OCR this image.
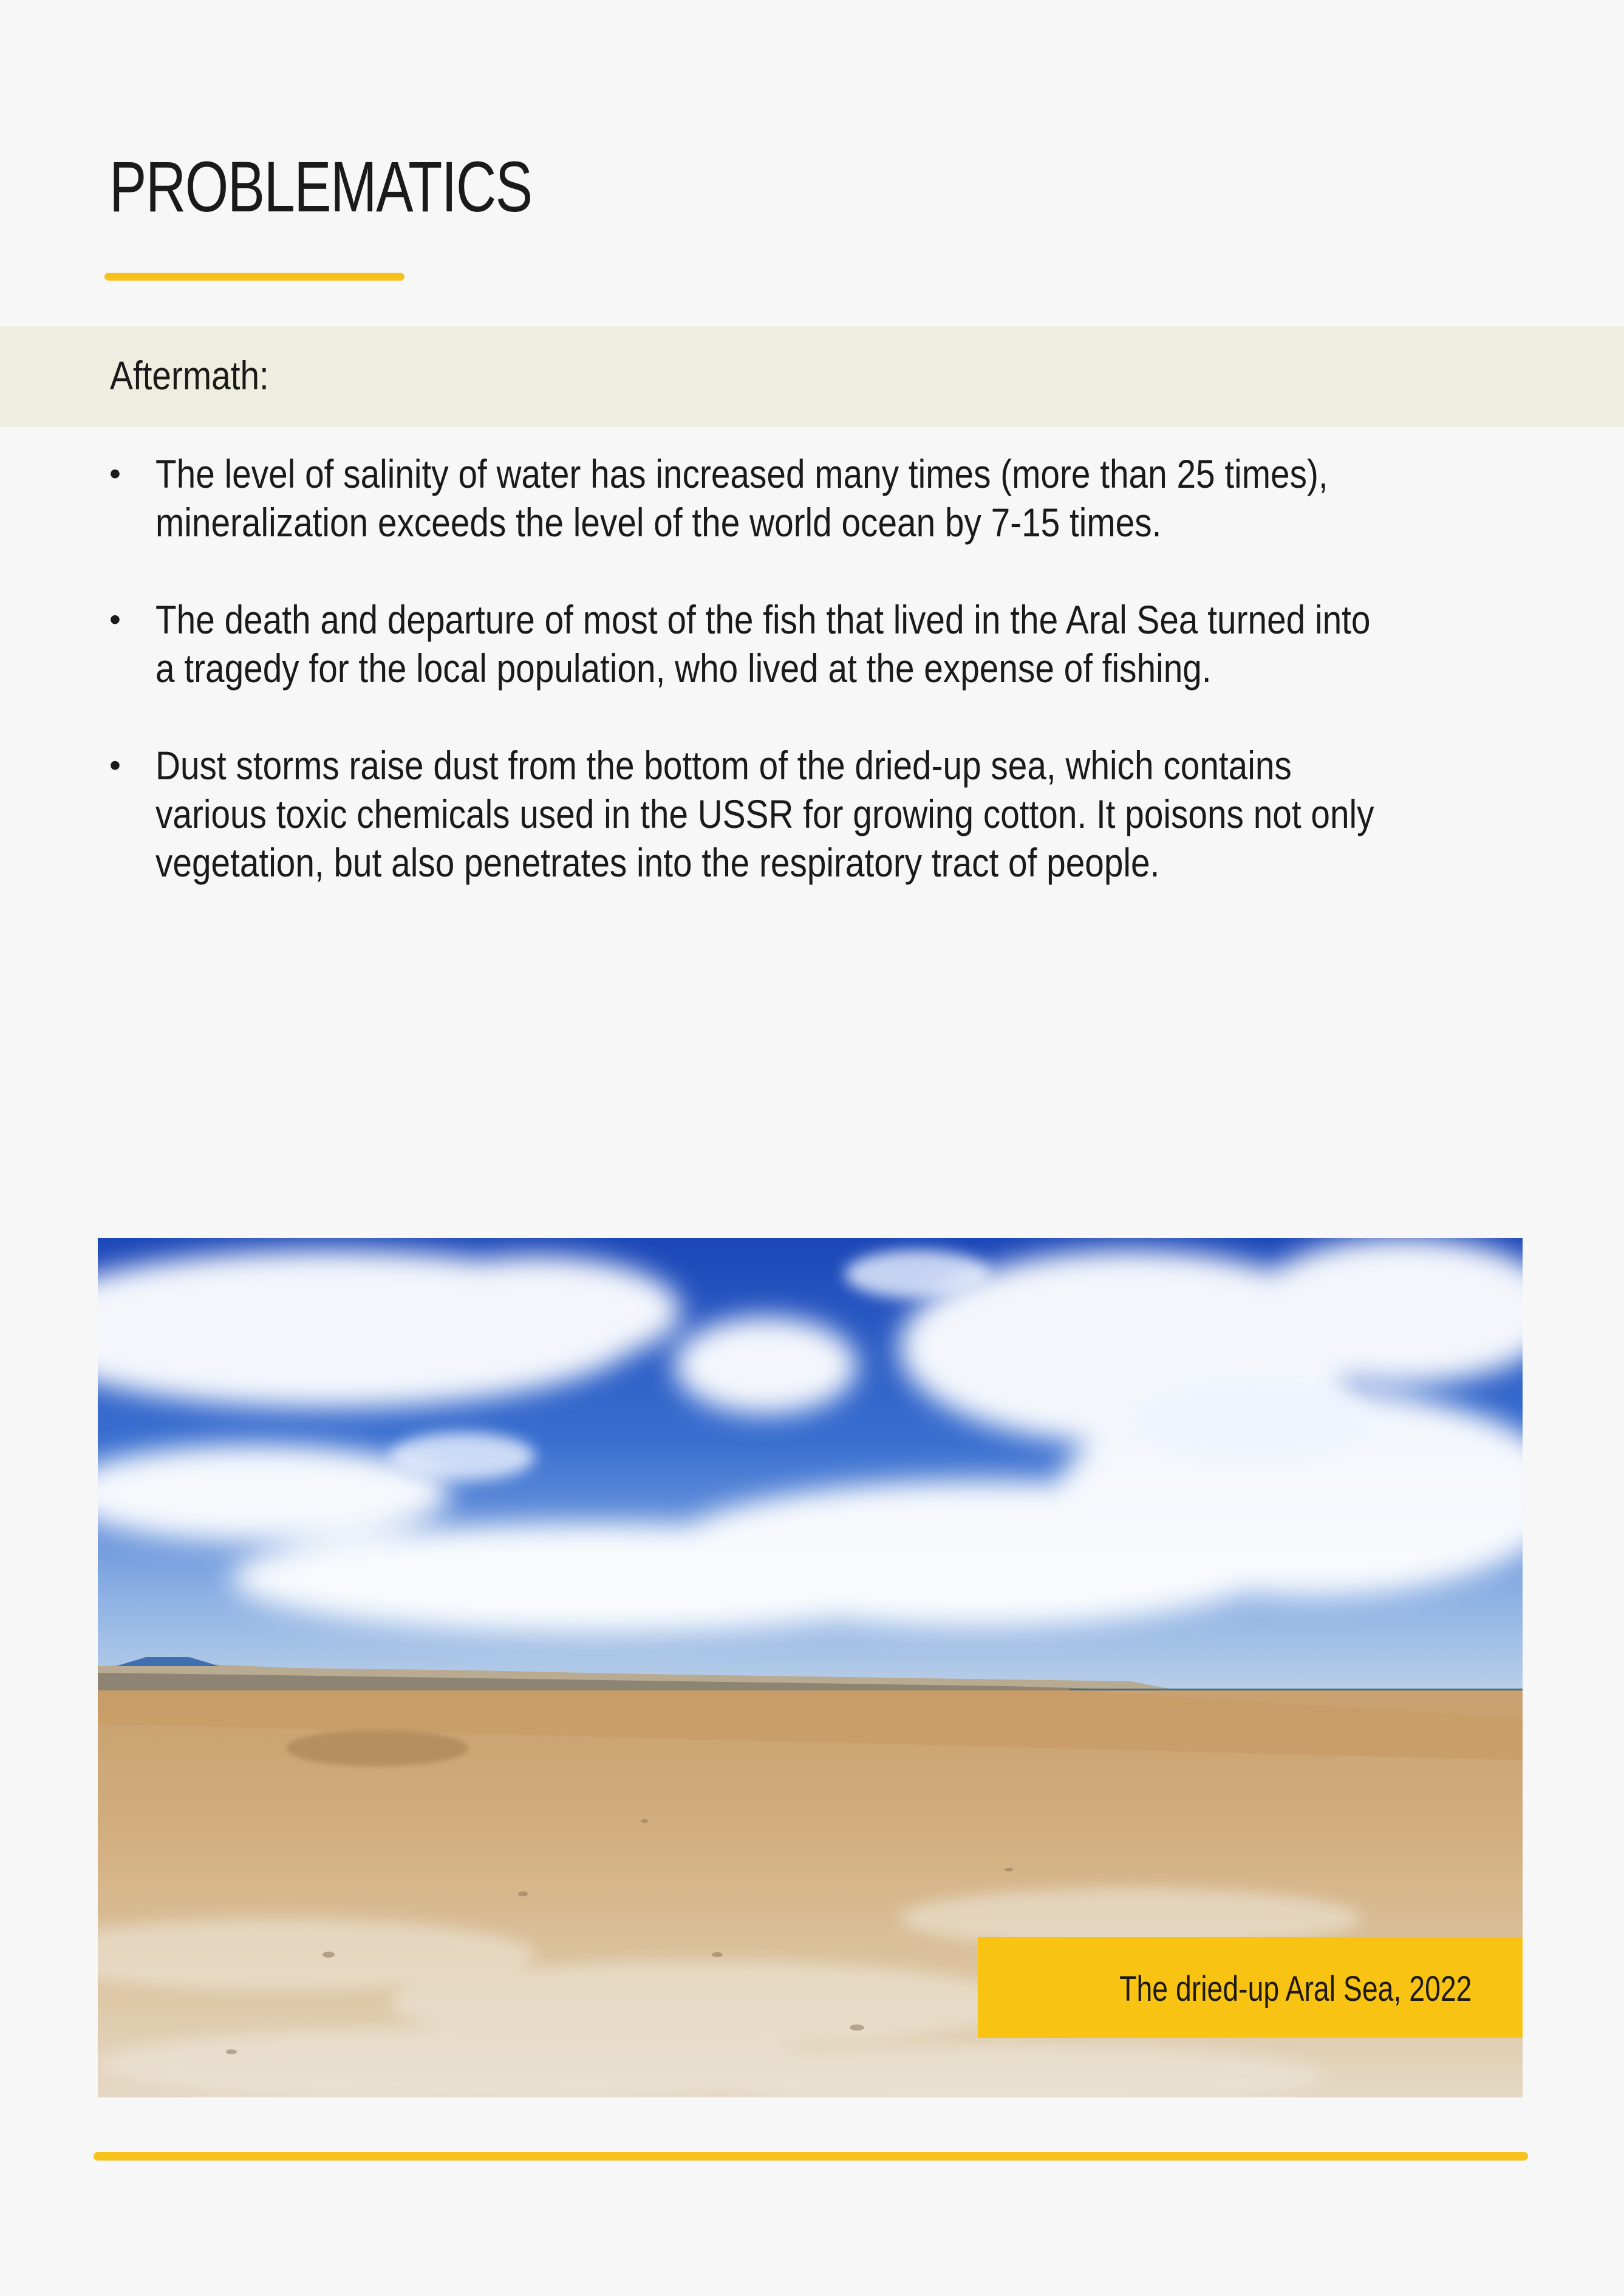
PROBLEMATICS
Aftermath:
• The level of salinity of water has increased many times (more than 25 times),
mineralization exceeds the level of the world ocean by 7-15 times.
• The death and departure of most of the fish that lived in the Aral Sea turned into
a tragedy for the local population, who lived at the expense of fishing.
• Dust storms raise dust from the bottom of the dried-up sea, which contains
various toxic chemicals used in the USSR for growing cotton. It poisons not only
vegetation, but also penetrates into the respiratory tract of people.
The dried-up Aral Sea, 2022
